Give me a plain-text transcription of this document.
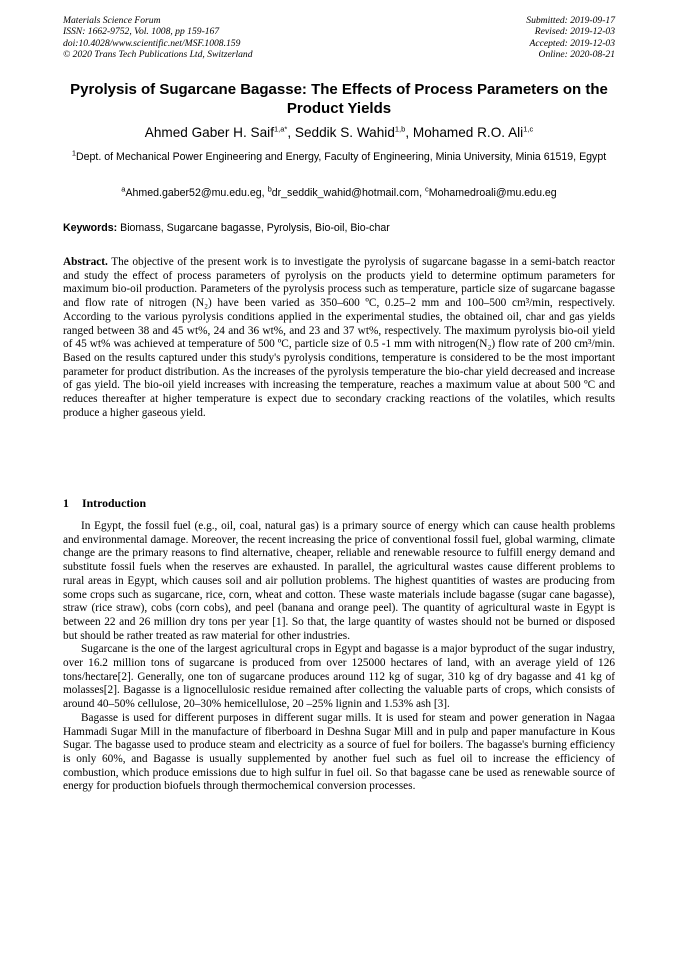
Materials Science Forum
ISSN: 1662-9752, Vol. 1008, pp 159-167
doi:10.4028/www.scientific.net/MSF.1008.159
© 2020 Trans Tech Publications Ltd, Switzerland
Submitted: 2019-09-17
Revised: 2019-12-03
Accepted: 2019-12-03
Online: 2020-08-21
Pyrolysis of Sugarcane Bagasse: The Effects of Process Parameters on the Product Yields
Ahmed Gaber H. Saif$^{1,a*}$, Seddik S. Wahid$^{1,b}$, Mohamed R.O. Ali$^{1,c}$
$^1$Dept. of Mechanical Power Engineering and Energy, Faculty of Engineering, Minia University, Minia 61519, Egypt
$^a$Ahmed.gaber52@mu.edu.eg, $^b$dr_seddik_wahid@hotmail.com, $^c$Mohamedroali@mu.edu.eg
Keywords: Biomass, Sugarcane bagasse, Pyrolysis, Bio-oil, Bio-char
Abstract. The objective of the present work is to investigate the pyrolysis of sugarcane bagasse in a semi-batch reactor and study the effect of process parameters of pyrolysis on the products yield to determine optimum parameters for maximum bio-oil production. Parameters of the pyrolysis process such as temperature, particle size of sugarcane bagasse and flow rate of nitrogen (N₂) have been varied as 350–600 ºC, 0.25–2 mm and 100–500 cm³/min, respectively. According to the various pyrolysis conditions applied in the experimental studies, the obtained oil, char and gas yields ranged between 38 and 45 wt%, 24 and 36 wt%, and 23 and 37 wt%, respectively. The maximum pyrolysis bio-oil yield of 45 wt% was achieved at temperature of 500 ºC, particle size of 0.5 -1 mm with nitrogen(N₂) flow rate of 200 cm³/min. Based on the results captured under this study's pyrolysis conditions, temperature is considered to be the most important parameter for product distribution. As the increases of the pyrolysis temperature the bio-char yield decreased and increase of gas yield. The bio-oil yield increases with increasing the temperature, reaches a maximum value at about 500 ºC and reduces thereafter at higher temperature is expect due to secondary cracking reactions of the volatiles, which results produce a higher gaseous yield.
1 Introduction

In Egypt, the fossil fuel (e.g., oil, coal, natural gas) is a primary source of energy which can cause health problems and environmental damage. Moreover, the recent increasing the price of conventional fossil fuel, global warming, climate change are the primary reasons to find alternative, cheaper, reliable and renewable resource to fulfill energy demand and substitute fossil fuels when the reserves are exhausted. In parallel, the agricultural wastes cause different problems to rural areas in Egypt, which causes soil and air pollution problems. The highest quantities of wastes are producing from some crops such as sugarcane, rice, corn, wheat and cotton. These waste materials include bagasse (sugar cane bagasse), straw (rice straw), cobs (corn cobs), and peel (banana and orange peel). The quantity of agricultural waste in Egypt is between 22 and 26 million dry tons per year [1]. So that, the large quantity of wastes should not be burned or disposed but should be rather treated as raw material for other industries.

Sugarcane is the one of the largest agricultural crops in Egypt and bagasse is a major byproduct of the sugar industry, over 16.2 million tons of sugarcane is produced from over 125000 hectares of land, with an average yield of 126 tons/hectare[2]. Generally, one ton of sugarcane produces around 112 kg of sugar, 310 kg of dry bagasse and 41 kg of molasses[2]. Bagasse is a lignocellulosic residue remained after collecting the valuable parts of crops, which consists of around 40–50% cellulose, 20–30% hemicellulose, 20 –25% lignin and 1.53% ash [3].

Bagasse is used for different purposes in different sugar mills. It is used for steam and power generation in Nagaa Hammadi Sugar Mill in the manufacture of fiberboard in Deshna Sugar Mill and in pulp and paper manufacture in Kous Sugar. The bagasse used to produce steam and electricity as a source of fuel for boilers. The bagasse's burning efficiency is only 60%, and Bagasse is usually supplemented by another fuel such as fuel oil to increase the efficiency of combustion, which produce emissions due to high sulfur in fuel oil. So that bagasse cane be used as renewable source of energy for production biofuels through thermochemical conversion processes.
